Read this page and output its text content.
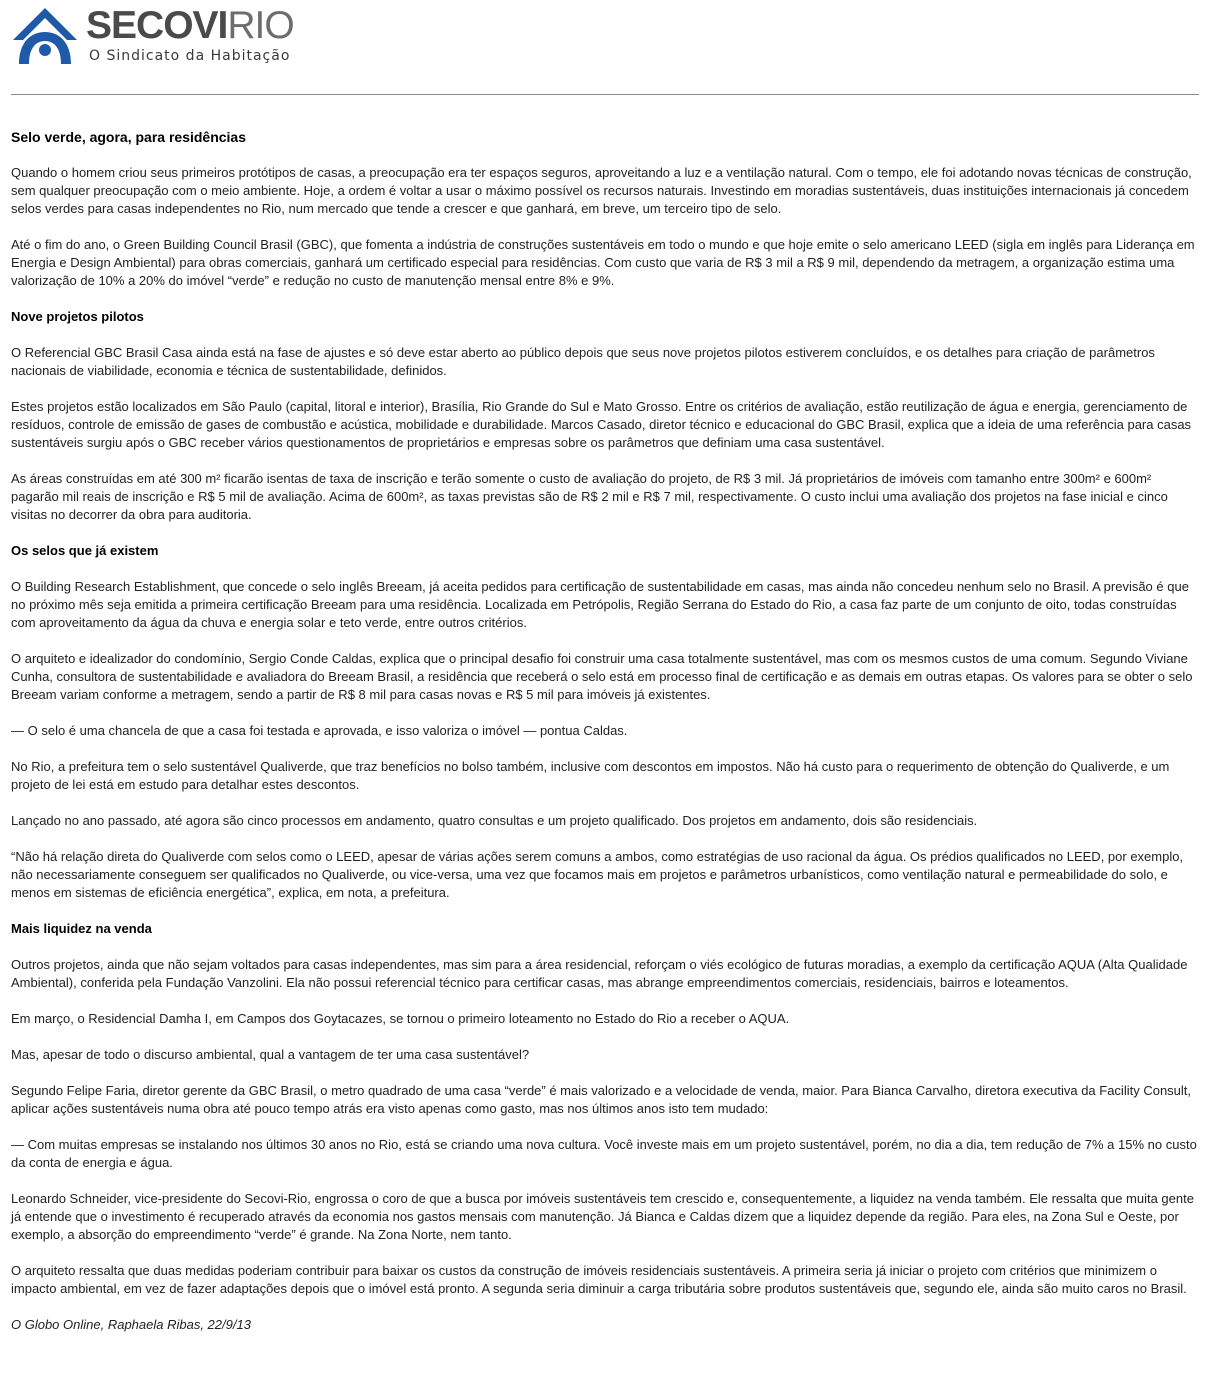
SECOVIRIO
O Sindicato da Habitação
Selo verde, agora, para residências

Quando o homem criou seus primeiros protótipos de casas, a preocupação era ter espaços seguros, aproveitando a luz e a ventilação natural. Com o tempo, ele foi adotando novas técnicas de construção, sem qualquer preocupação com o meio ambiente. Hoje, a ordem é voltar a usar o máximo possível os recursos naturais. Investindo em moradias sustentáveis, duas instituições internacionais já concedem selos verdes para casas independentes no Rio, num mercado que tende a crescer e que ganhará, em breve, um terceiro tipo de selo.

Até o fim do ano, o Green Building Council Brasil (GBC), que fomenta a indústria de construções sustentáveis em todo o mundo e que hoje emite o selo americano LEED (sigla em inglês para Liderança em Energia e Design Ambiental) para obras comerciais, ganhará um certificado especial para residências. Com custo que varia de R$ 3 mil a R$ 9 mil, dependendo da metragem, a organização estima uma valorização de 10% a 20% do imóvel “verde” e redução no custo de manutenção mensal entre 8% e 9%.

Nove projetos pilotos

O Referencial GBC Brasil Casa ainda está na fase de ajustes e só deve estar aberto ao público depois que seus nove projetos pilotos estiverem concluídos, e os detalhes para criação de parâmetros nacionais de viabilidade, economia e técnica de sustentabilidade, definidos.

Estes projetos estão localizados em São Paulo (capital, litoral e interior), Brasília, Rio Grande do Sul e Mato Grosso. Entre os critérios de avaliação, estão reutilização de água e energia, gerenciamento de resíduos, controle de emissão de gases de combustão e acústica, mobilidade e durabilidade. Marcos Casado, diretor técnico e educacional do GBC Brasil, explica que a ideia de uma referência para casas sustentáveis surgiu após o GBC receber vários questionamentos de proprietários e empresas sobre os parâmetros que definiam uma casa sustentável.

As áreas construídas em até 300 m² ficarão isentas de taxa de inscrição e terão somente o custo de avaliação do projeto, de R$ 3 mil. Já proprietários de imóveis com tamanho entre 300m² e 600m² pagarão mil reais de inscrição e R$ 5 mil de avaliação. Acima de 600m², as taxas previstas são de R$ 2 mil e R$ 7 mil, respectivamente. O custo inclui uma avaliação dos projetos na fase inicial e cinco visitas no decorrer da obra para auditoria.

Os selos que já existem

O Building Research Establishment, que concede o selo inglês Breeam, já aceita pedidos para certificação de sustentabilidade em casas, mas ainda não concedeu nenhum selo no Brasil. A previsão é que no próximo mês seja emitida a primeira certificação Breeam para uma residência. Localizada em Petrópolis, Região Serrana do Estado do Rio, a casa faz parte de um conjunto de oito, todas construídas com aproveitamento da água da chuva e energia solar e teto verde, entre outros critérios.

O arquiteto e idealizador do condomínio, Sergio Conde Caldas, explica que o principal desafio foi construir uma casa totalmente sustentável, mas com os mesmos custos de uma comum. Segundo Viviane Cunha, consultora de sustentabilidade e avaliadora do Breeam Brasil, a residência que receberá o selo está em processo final de certificação e as demais em outras etapas. Os valores para se obter o selo Breeam variam conforme a metragem, sendo a partir de R$ 8 mil para casas novas e R$ 5 mil para imóveis já existentes.

— O selo é uma chancela de que a casa foi testada e aprovada, e isso valoriza o imóvel — pontua Caldas.

No Rio, a prefeitura tem o selo sustentável Qualiverde, que traz benefícios no bolso também, inclusive com descontos em impostos. Não há custo para o requerimento de obtenção do Qualiverde, e um projeto de lei está em estudo para detalhar estes descontos.

Lançado no ano passado, até agora são cinco processos em andamento, quatro consultas e um projeto qualificado. Dos projetos em andamento, dois são residenciais.

“Não há relação direta do Qualiverde com selos como o LEED, apesar de várias ações serem comuns a ambos, como estratégias de uso racional da água. Os prédios qualificados no LEED, por exemplo, não necessariamente conseguem ser qualificados no Qualiverde, ou vice-versa, uma vez que focamos mais em projetos e parâmetros urbanísticos, como ventilação natural e permeabilidade do solo, e menos em sistemas de eficiência energética”, explica, em nota, a prefeitura.

Mais liquidez na venda

Outros projetos, ainda que não sejam voltados para casas independentes, mas sim para a área residencial, reforçam o viés ecológico de futuras moradias, a exemplo da certificação AQUA (Alta Qualidade Ambiental), conferida pela Fundação Vanzolini. Ela não possui referencial técnico para certificar casas, mas abrange empreendimentos comerciais, residenciais, bairros e loteamentos.

Em março, o Residencial Damha I, em Campos dos Goytacazes, se tornou o primeiro loteamento no Estado do Rio a receber o AQUA.

Mas, apesar de todo o discurso ambiental, qual a vantagem de ter uma casa sustentável?

Segundo Felipe Faria, diretor gerente da GBC Brasil, o metro quadrado de uma casa “verde” é mais valorizado e a velocidade de venda, maior. Para Bianca Carvalho, diretora executiva da Facility Consult, aplicar ações sustentáveis numa obra até pouco tempo atrás era visto apenas como gasto, mas nos últimos anos isto tem mudado:

— Com muitas empresas se instalando nos últimos 30 anos no Rio, está se criando uma nova cultura. Você investe mais em um projeto sustentável, porém, no dia a dia, tem redução de 7% a 15% no custo da conta de energia e água.

Leonardo Schneider, vice-presidente do Secovi-Rio, engrossa o coro de que a busca por imóveis sustentáveis tem crescido e, consequentemente, a liquidez na venda também. Ele ressalta que muita gente já entende que o investimento é recuperado através da economia nos gastos mensais com manutenção. Já Bianca e Caldas dizem que a liquidez depende da região. Para eles, na Zona Sul e Oeste, por exemplo, a absorção do empreendimento “verde” é grande. Na Zona Norte, nem tanto.

O arquiteto ressalta que duas medidas poderiam contribuir para baixar os custos da construção de imóveis residenciais sustentáveis. A primeira seria já iniciar o projeto com critérios que minimizem o impacto ambiental, em vez de fazer adaptações depois que o imóvel está pronto. A segunda seria diminuir a carga tributária sobre produtos sustentáveis que, segundo ele, ainda são muito caros no Brasil.

O Globo Online, Raphaela Ribas, 22/9/13
